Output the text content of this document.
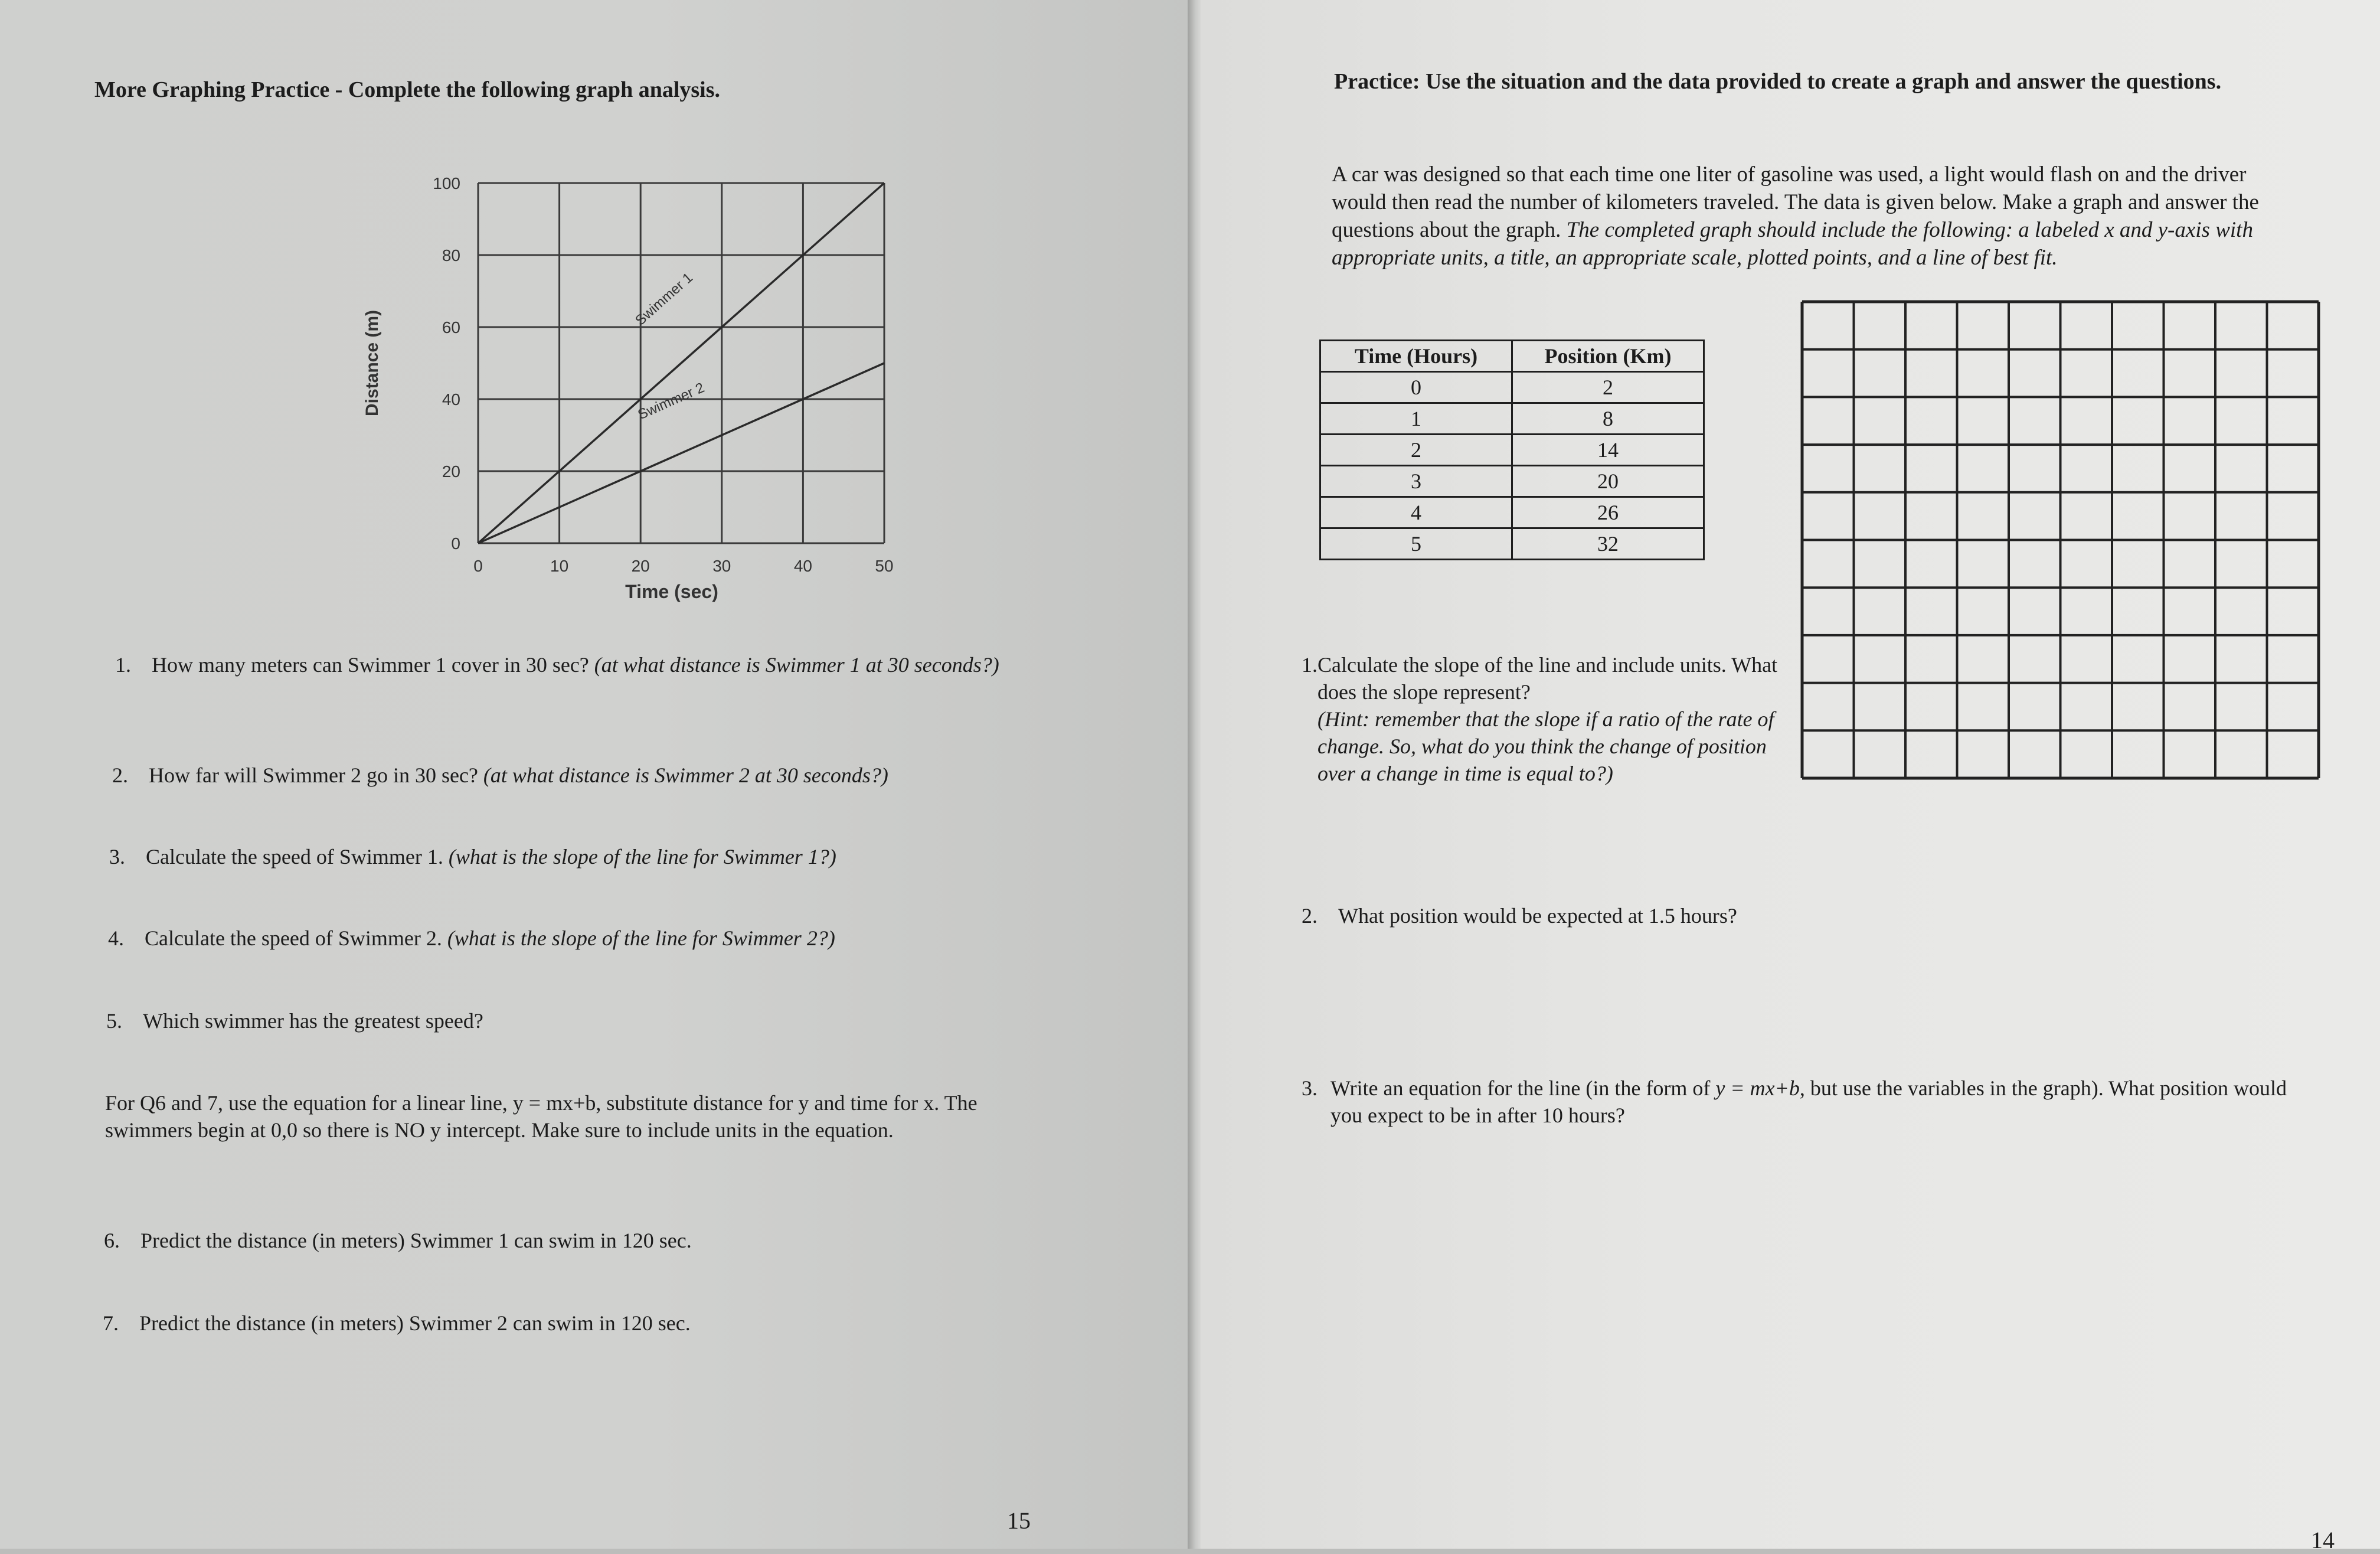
More Graphing Practice - Complete the following graph analysis.
0	10	20	30	40	50
0
20
40
60
80
100
Swimmer 1
Swimmer 2
Time (sec)
Distance (m)
1. How many meters can Swimmer 1 cover in 30 sec? (at what distance is Swimmer 1 at 30 seconds?)
2. How far will Swimmer 2 go in 30 sec? (at what distance is Swimmer 2 at 30 seconds?)
3. Calculate the speed of Swimmer 1. (what is the slope of the line for Swimmer 1?)
4. Calculate the speed of Swimmer 2. (what is the slope of the line for Swimmer 2?)
5. Which swimmer has the greatest speed?
For Q6 and 7, use the equation for a linear line, y = mx+b, substitute distance for y and time for x. The swimmers begin at 0,0 so there is NO y intercept. Make sure to include units in the equation.
6. Predict the distance (in meters) Swimmer 1 can swim in 120 sec.
7. Predict the distance (in meters) Swimmer 2 can swim in 120 sec.
15
Practice: Use the situation and the data provided to create a graph and answer the questions.
A car was designed so that each time one liter of gasoline was used, a light would flash on and the driver would then read the number of kilometers traveled. The data is given below. Make a graph and answer the questions about the graph. The completed graph should include the following: a labeled x and y-axis with appropriate units, a title, an appropriate scale, plotted points, and a line of best fit.
Time (Hours)	Position (Km)
0	2
1	8
2	14
3	20
4	26
5	32
1. Calculate the slope of the line and include units. What does the slope represent?
(Hint: remember that the slope if a ratio of the rate of change. So, what do you think the change of position over a change in time is equal to?)
2. What position would be expected at 1.5 hours?
3. Write an equation for the line (in the form of y = mx+b, but use the variables in the graph). What position would you expect to be in after 10 hours?
14
